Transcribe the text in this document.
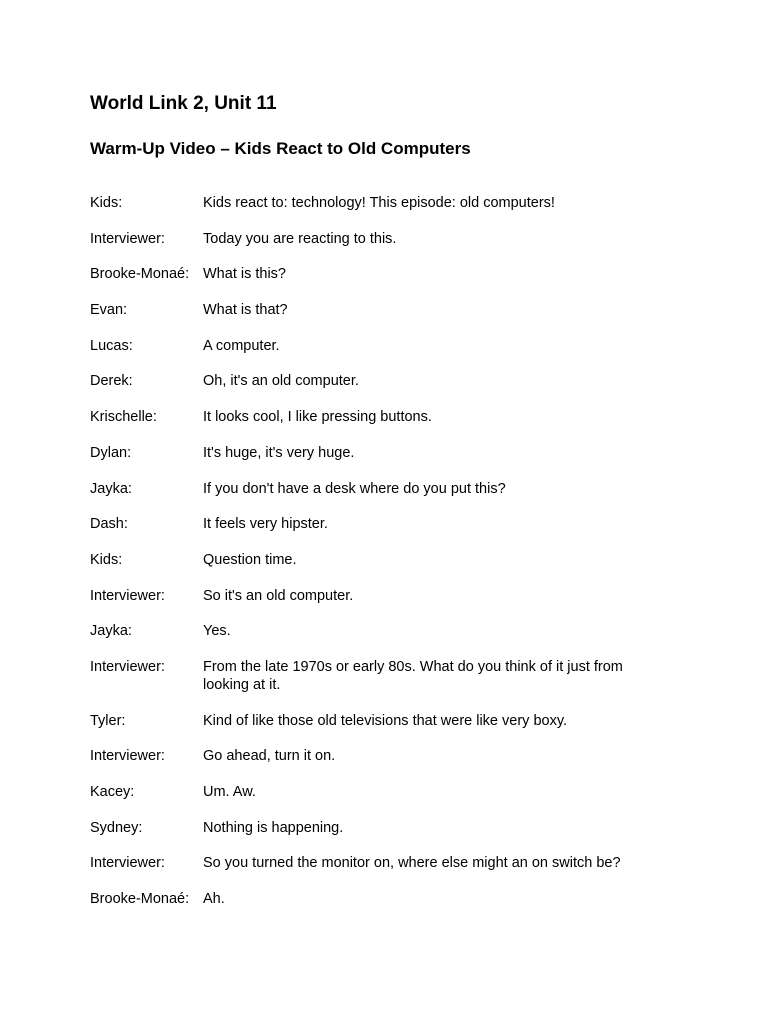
World Link 2, Unit 11
Warm-Up Video – Kids React to Old Computers
Kids:	Kids react to: technology! This episode: old computers!
Interviewer:	Today you are reacting to this.
Brooke-Monaé: What is this?
Evan:	What is that?
Lucas:	A computer.
Derek:	Oh, it's an old computer.
Krischelle:	It looks cool, I like pressing buttons.
Dylan:	It's huge, it's very huge.
Jayka:	If you don't have a desk where do you put this?
Dash:	It feels very hipster.
Kids:	Question time.
Interviewer:	So it's an old computer.
Jayka:	Yes.
Interviewer:	From the late 1970s or early 80s. What do you think of it just from looking at it.
Tyler:	Kind of like those old televisions that were like very boxy.
Interviewer:	Go ahead, turn it on.
Kacey:	Um. Aw.
Sydney:	Nothing is happening.
Interviewer:	So you turned the monitor on, where else might an on switch be?
Brooke-Monaé: Ah.
